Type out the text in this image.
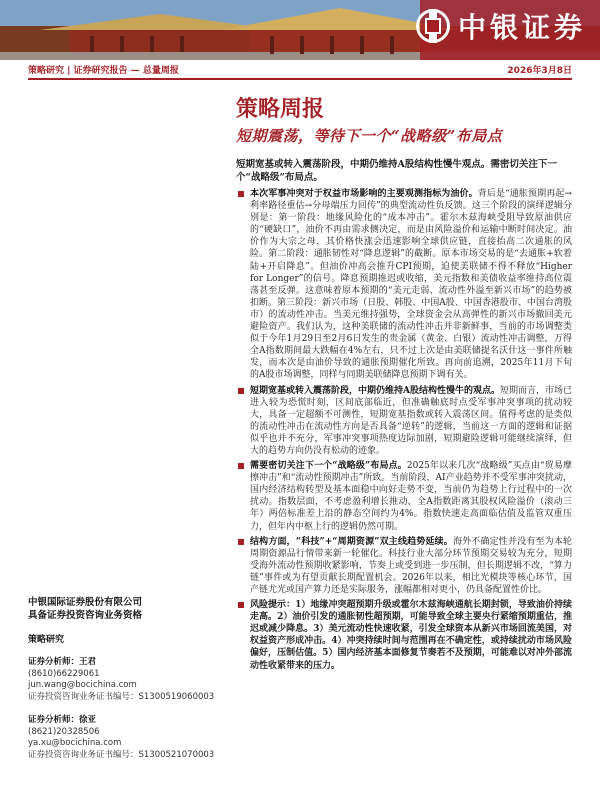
中银证券
策略研究 | 证券研究报告 — 总量周报	2026年3月8日
策略周报
短期震荡，等待下一个“战略级”布局点

短期宽基或转入震荡阶段，中期仍维持A股结构性慢牛观点。需密切关注下一个“战略级”布局点。

本次军事冲突对于权益市场影响的主要观测指标为油价。背后是“通胀预期再起→利率路径重估→分母端压力回传”的典型流动性负反馈。这三个阶段的演绎逻辑分别是：第一阶段：地缘风险化的“成本冲击”。霍尔木兹海峡受阻导致原油供应的“硬缺口”，油价不再由需求侧决定，而是由风险溢价和运输中断时间决定。油价作为大宗之母，其价格快涨会迅速影响全球供应链，直接抬高二次通胀的风险。第二阶段：通胀韧性对“降息逻辑”的截断。原本市场交易的是“去通胀+软着陆+开启降息”。但油价冲高会推升CPI预期，迫使美联储不得不释放“Higher for Longer”的信号。降息预期推迟或收缩，美元指数和美债收益率维持高位震荡甚至反弹。这意味着原本预期的“美元走弱、流动性外溢至新兴市场”的趋势被扣断。第三阶段：新兴市场（日股、韩股、中国A股、中国香港股市、中国台湾股市）的流动性冲击。当美元维持强势，全球资金会从高弹性的新兴市场撤回美元避险资产。我们认为，这种美联储的流动性冲击并非新鲜事，当前的市场调整类似于今年1月29日至2月6日发生的贵金属（黄金、白银）流动性冲击调整，万得全A指数期间最大跌幅在4%左右，只不过上次是由美联储提名沃什这一事件所触发，而本次是由油价导致的通胀预期催化所致。再向前追溯，2025年11月下旬的A股市场调整，同样与同期美联储降息预期下调有关。
短期宽基或转入震荡阶段，中期仍维持A股结构性慢牛的观点。短期而言，市场已进入较为恐慌时刻，区间底部临近，但准确触底时点受军事冲突事项的扰动较大，具备一定超额不可测性，短期宽基指数或转入震荡区间。值得考虑的是类似的流动性冲击在流动性方向是否具备“逆转”的逻辑，当前这一方面的逻辑和证据似乎也并不充分，军事冲突事项热度边际加剧，短期避险逻辑可能继续演绎，但大的趋势方向仍没有松动的迹象。
需要密切关注下一个“战略级”布局点。2025年以来几次“战略级”买点由“贸易摩擦冲击”和“流动性预期冲击”所致。当前阶段，AI产业趋势并不受军事冲突扰动，国内经济结构转型及基本面稳中向好走势不变，当前仍为趋势上行过程中的一次扰动。指数层面，不考虑盈利增长推动，全A指数距离其股权风险溢价（滚动三年）两倍标准差上沿的静态空间约为4%。指数快速走高面临估值及监管双重压力，但年内中枢上行的逻辑仍然可期。
结构方面，“科技”+“周期资源”双主线趋势延续。海外不确定性并没有至为本轮周期资源品行情带来新一轮催化。科技行业大部分环节预期交易较为充分，短期受海外流动性预期收紧影响，节奏上或受到进一步压制，但长期逻辑不改，“算力链”事件或为有望贡献长期配置机会。2026年以来，相比光模块等核心环节，国产链尤光或国产算力还是实际服务，涨幅都相对更小，仍具备配置性价比。
风险提示：1）地缘冲突超预期升级或霍尔木兹海峡通航长期封锁，导致油价持续走高。2）油价引发的通胀韧性超预期，可能导致全球主要央行紧缩预期重估，推迟或减少降息。3）美元流动性快速收紧，引发全球资本从新兴市场回流美国，对权益资产形成冲击。4）冲突持续时间与范围再在不确定性，或持续扰动市场风险偏好，压制估值。5）国内经济基本面修复节奏若不及预期，可能难以对冲外部流动性收紧带来的压力。
中银国际证券股份有限公司
具备证券投资咨询业务资格
策略研究
证券分析师：王君
(8610)66229061
jun.wang@bocichina.com
证券投资咨询业务证书编号：S1300519060003
证券分析师：徐亚
(8621)20328506
ya.xu@bocichina.com
证券投资咨询业务证书编号：S1300521070003
